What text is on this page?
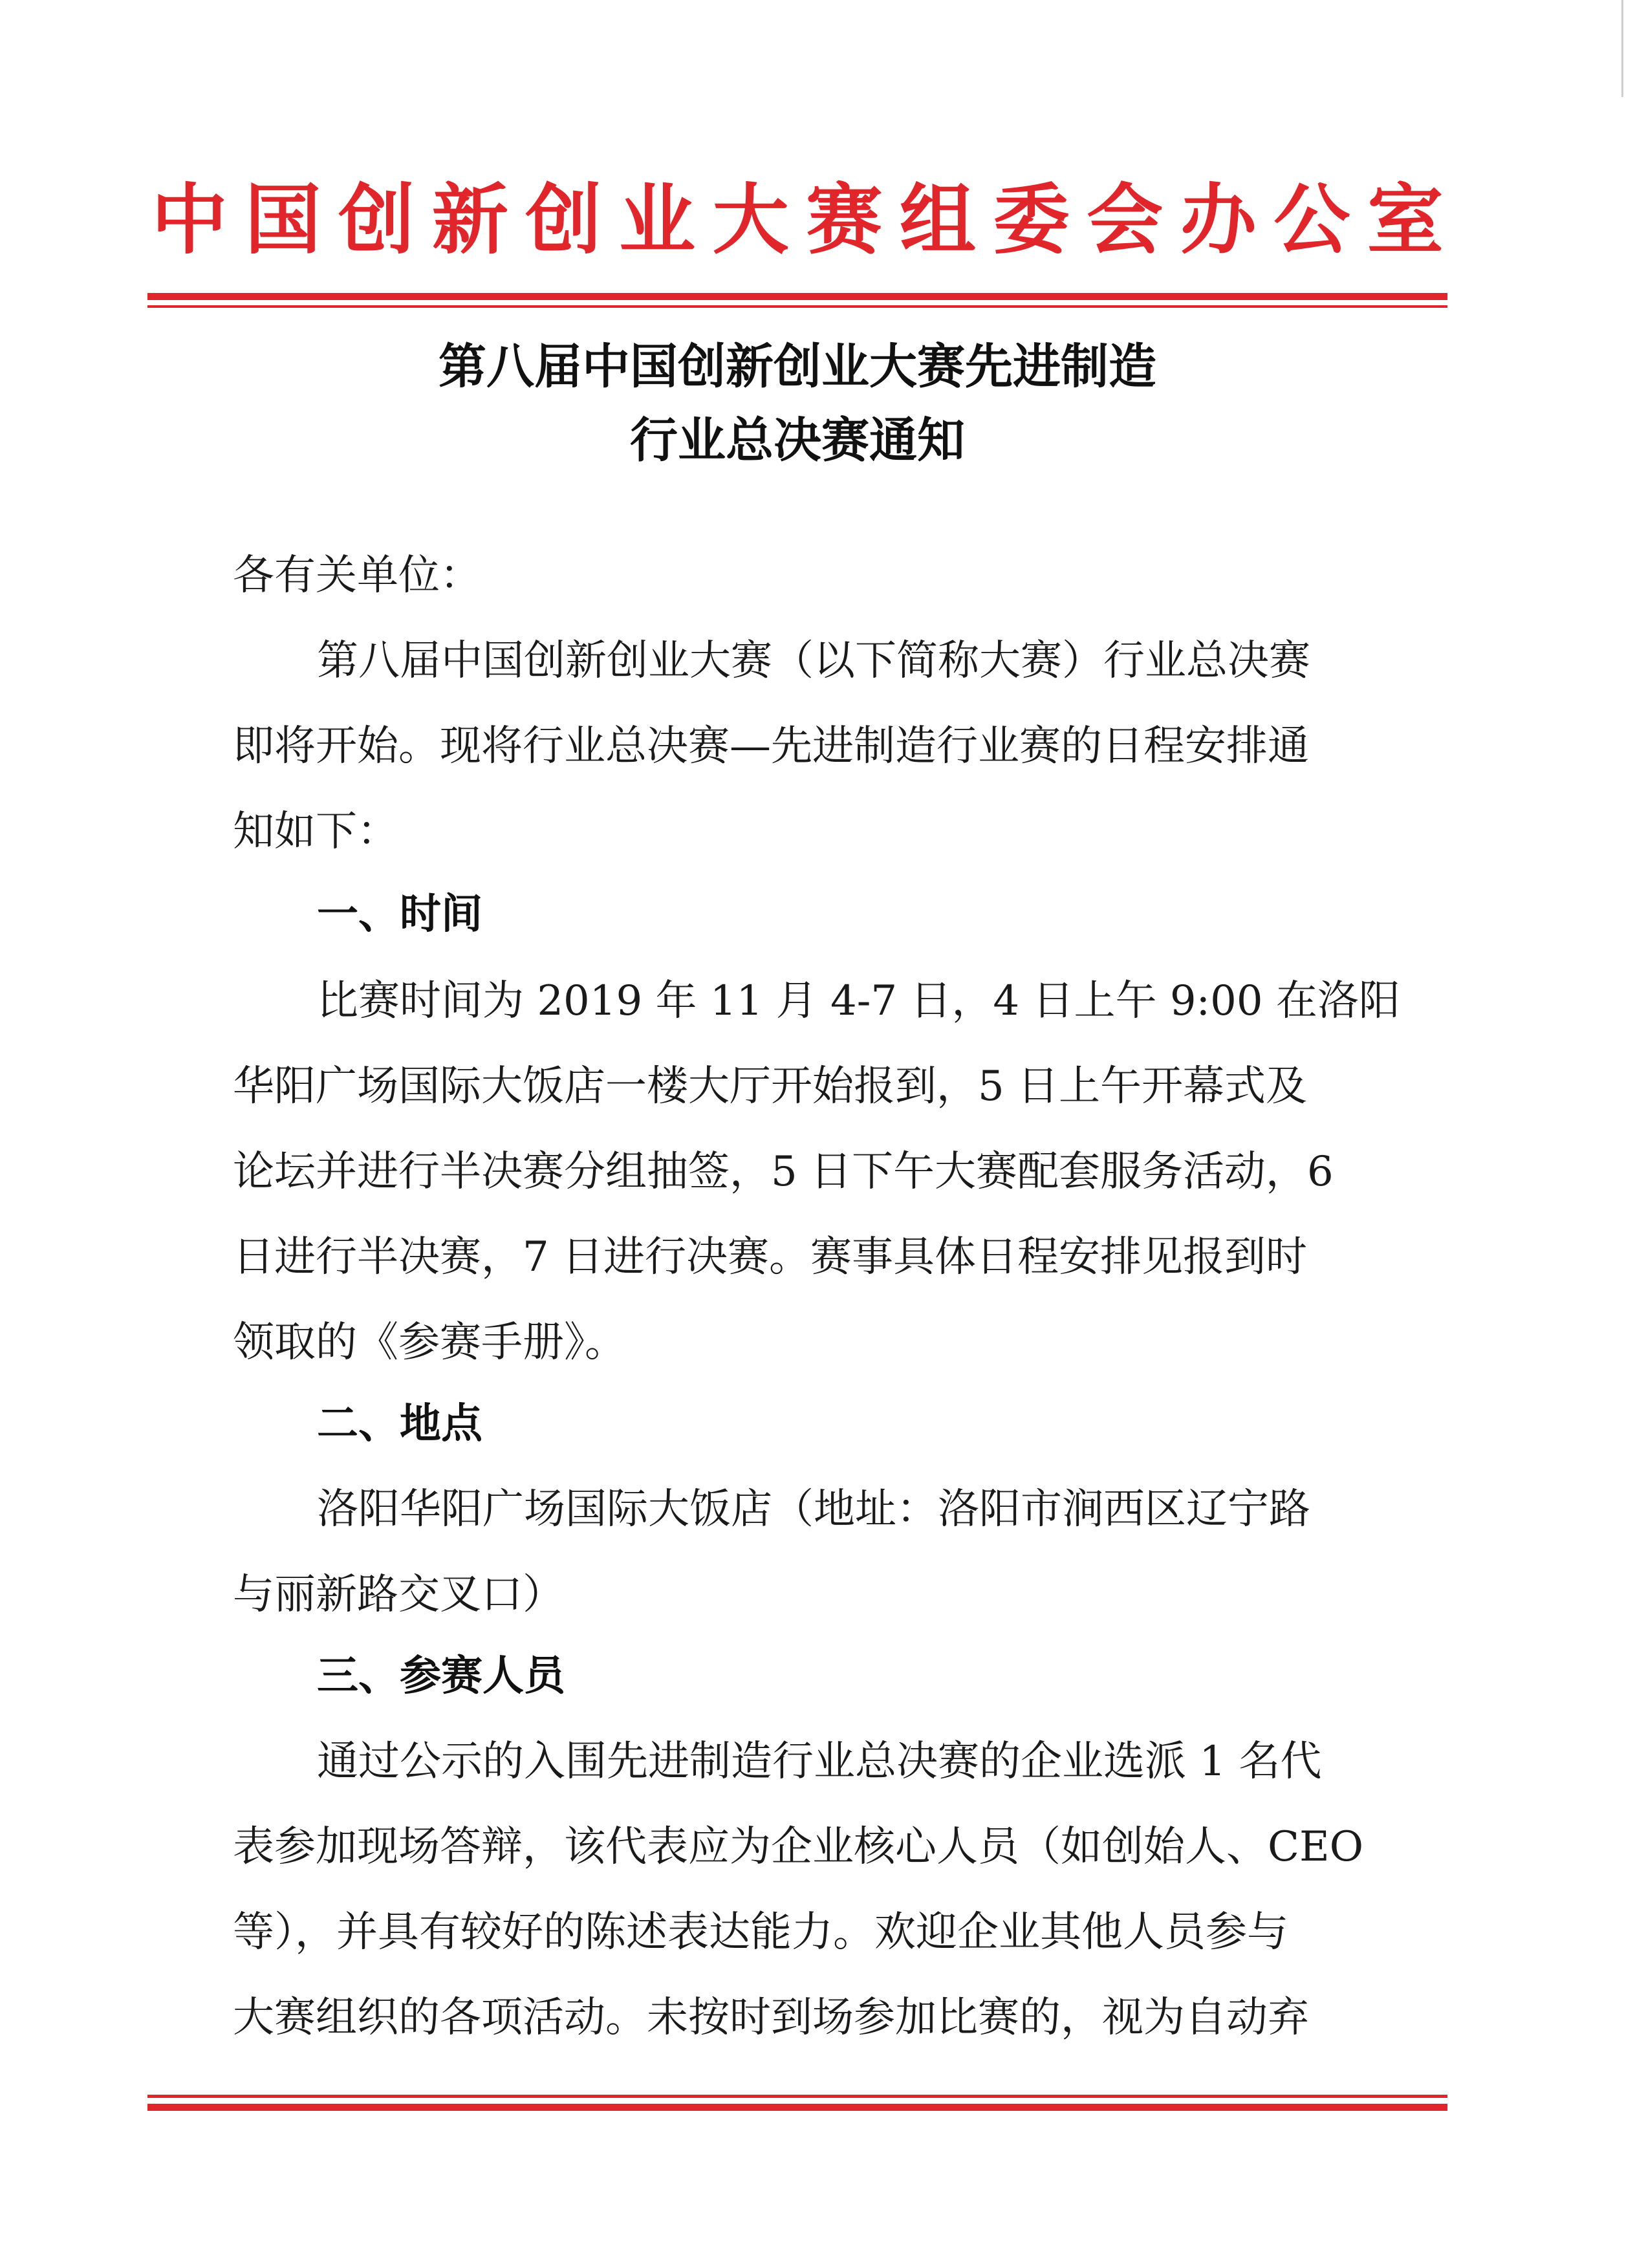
中 国 创 新 创 业 大 赛 组 委 会 办 公 室
第八届中国创新创业大赛先进制造
行业总决赛通知
各有关单位：
第八届中国创新创业大赛（以下简称大赛）行业总决赛
即将开始。现将行业总决赛—先进制造行业赛的日程安排通
知如下：
一、时间
比赛时间为 2019 年 11 月 4-7 日，4 日上午 9:00 在洛阳
华阳广场国际大饭店一楼大厅开始报到，5 日上午开幕式及
论坛并进行半决赛分组抽签，5 日下午大赛配套服务活动，6
日进行半决赛，7 日进行决赛。赛事具体日程安排见报到时
领取的《参赛手册》。
二、地点
洛阳华阳广场国际大饭店（地址：洛阳市涧西区辽宁路
与丽新路交叉口）
三、参赛人员
通过公示的入围先进制造行业总决赛的企业选派 1 名代
表参加现场答辩，该代表应为企业核心人员（如创始人、CEO
等），并具有较好的陈述表达能力。欢迎企业其他人员参与
大赛组织的各项活动。未按时到场参加比赛的，视为自动弃
